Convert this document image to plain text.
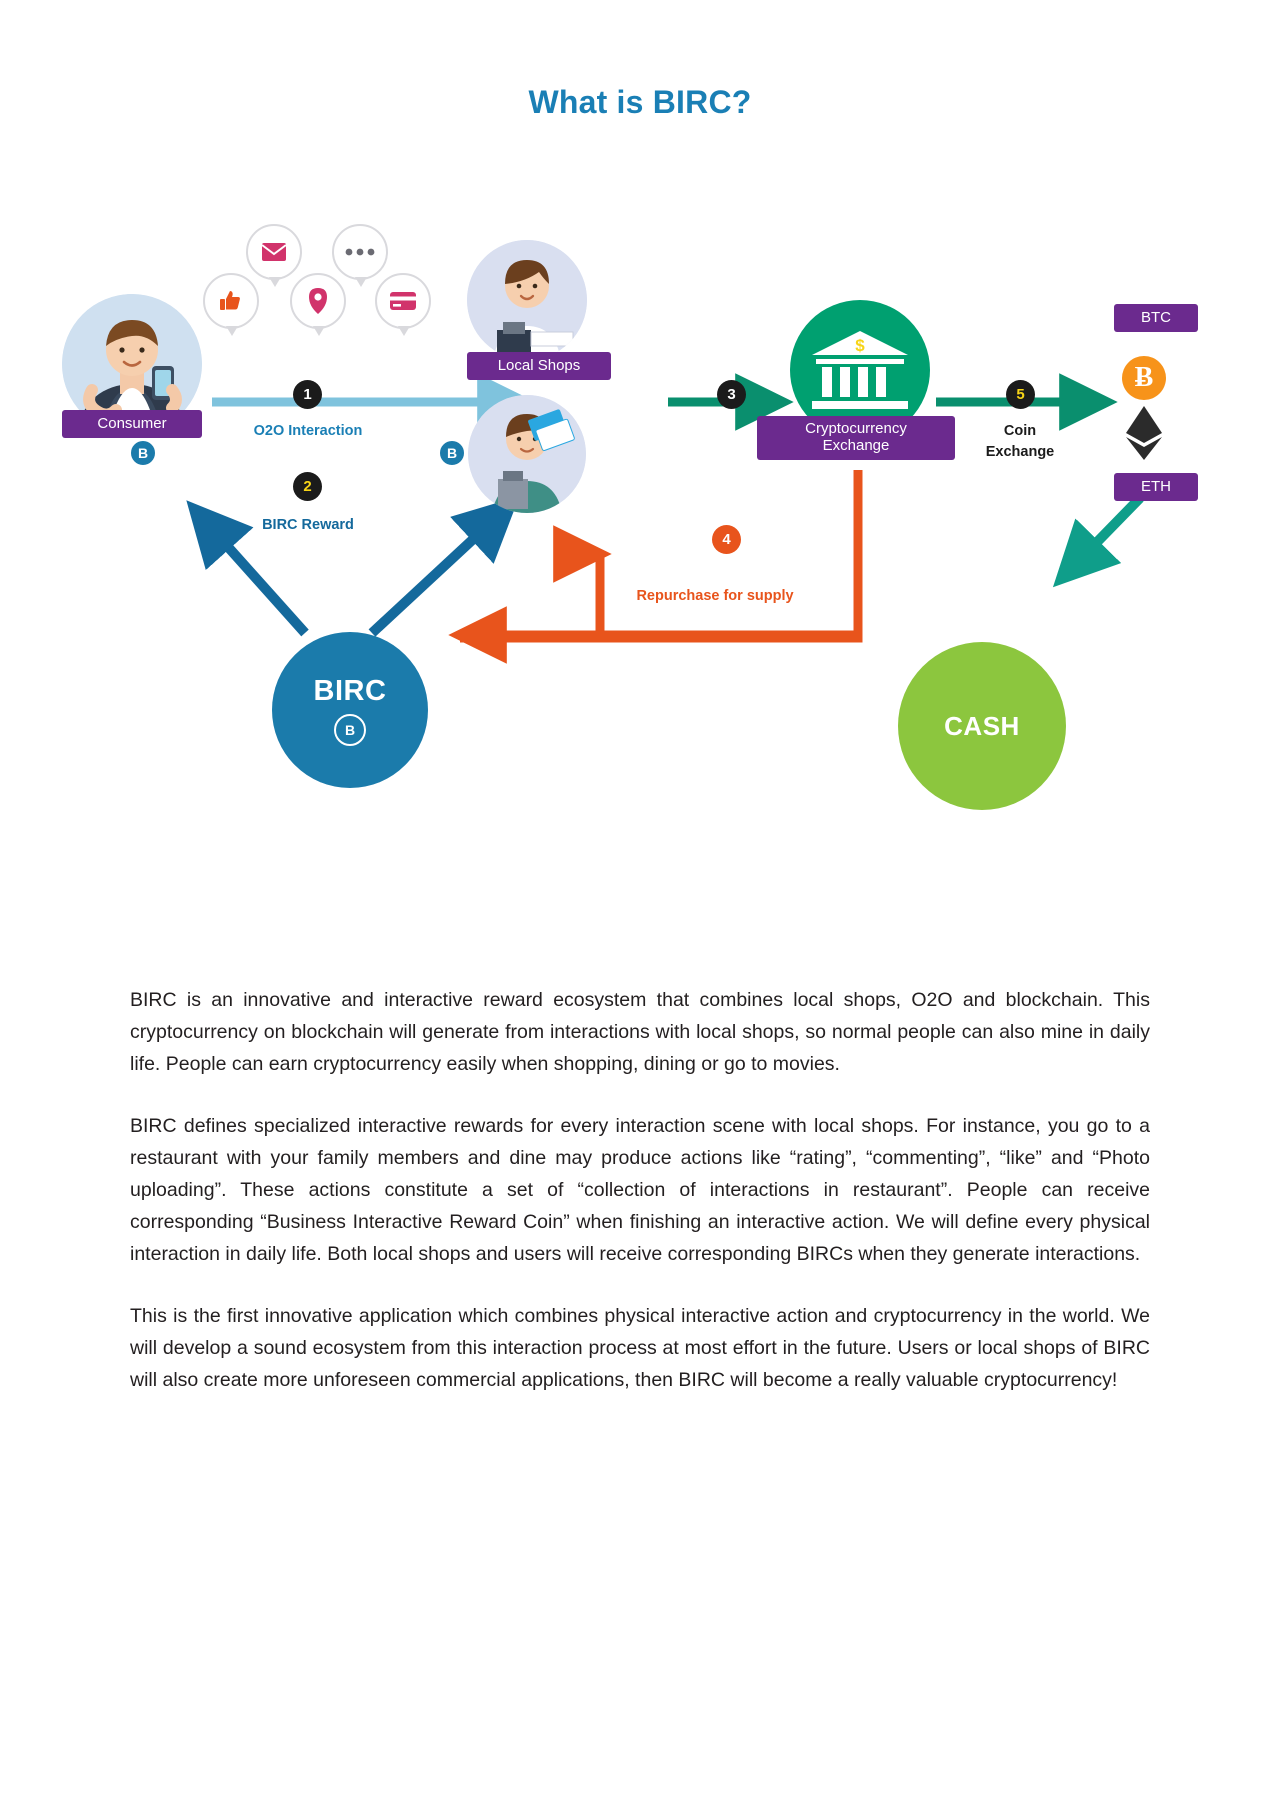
What is BIRC?
Consumer
B
Local Shops
B
$
Cryptocurrency
Exchange
BTC
Ƀ
ETH
CASH
BIRC
B
1
O2O Interaction
2
BIRC Reward
3
4
Repurchase for supply
5
Coin
Exchange

BIRC is an innovative and interactive reward ecosystem that combines local shops, O2O and blockchain. This cryptocurrency on blockchain will generate from interactions with local shops, so normal people can also mine in daily life. People can earn cryptocurrency easily when shopping, dining or go to movies.

BIRC defines specialized interactive rewards for every interaction scene with local shops. For instance, you go to a restaurant with your family members and dine may produce actions like “rating”, “commenting”, “like” and “Photo uploading”. These actions constitute a set of “collection of interactions in restaurant”. People can receive corresponding “Business Interactive Reward Coin” when finishing an interactive action. We will define every physical interaction in daily life. Both local shops and users will receive corresponding BIRCs when they generate interactions.

This is the first innovative application which combines physical interactive action and cryptocurrency in the world. We will develop a sound ecosystem from this interaction process at most effort in the future. Users or local shops of BIRC will also create more unforeseen commercial applications, then BIRC will become a really valuable cryptocurrency!
